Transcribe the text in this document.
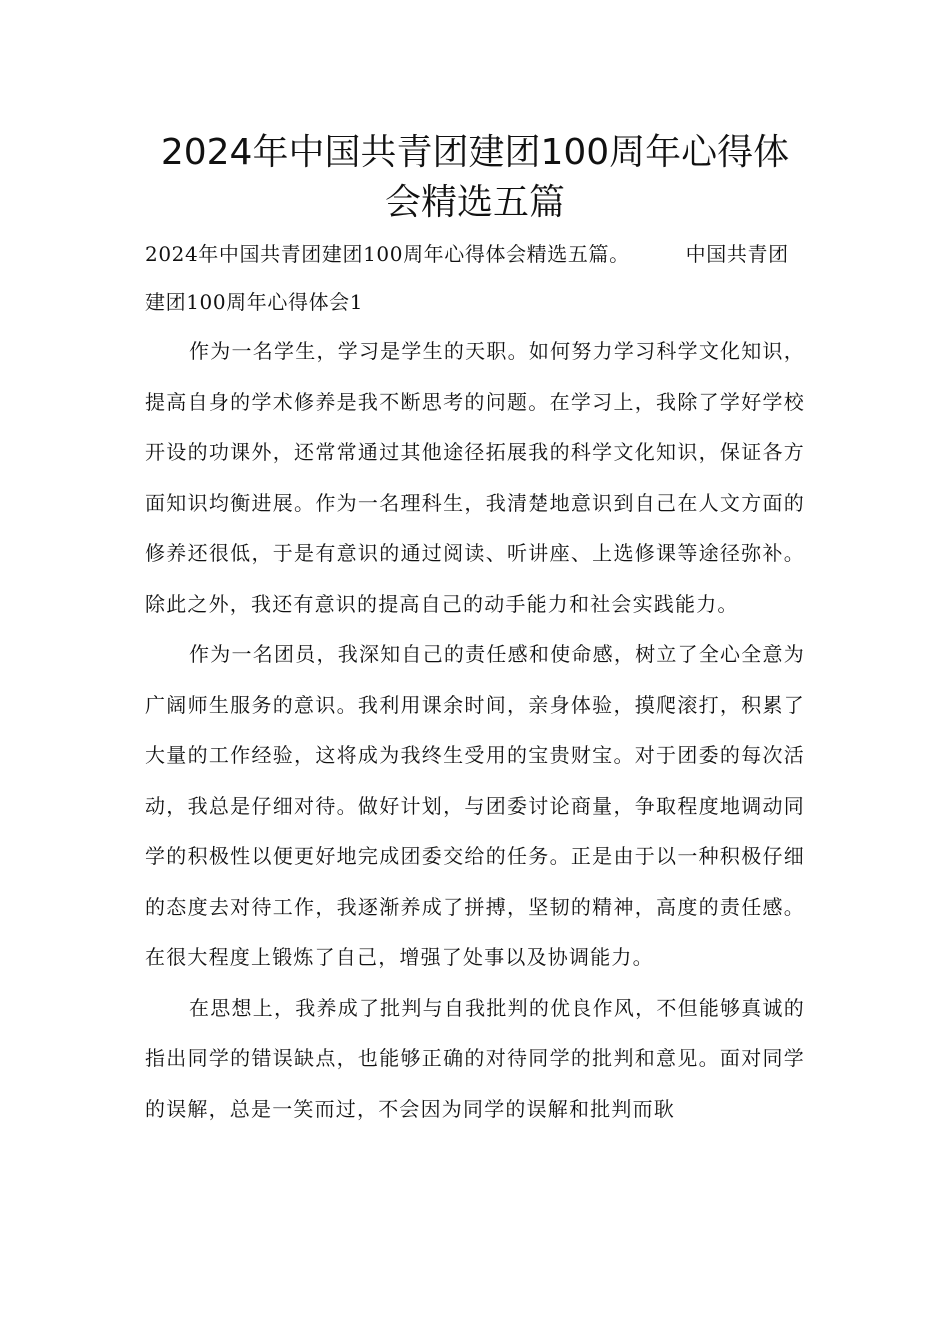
2024年中国共青团建团100周年心得体
会精选五篇
2024年中国共青团建团100周年心得体会精选五篇。	中国共青团建团100周年心得体会1

作为一名学生，学习是学生的天职。如何努力学习科学文化知识，提高自身的学术修养是我不断思考的问题。在学习上，我除了学好学校开设的功课外，还常常通过其他途径拓展我的科学文化知识，保证各方面知识均衡进展。作为一名理科生，我清楚地意识到自己在人文方面的修养还很低，于是有意识的通过阅读、听讲座、上选修课等途径弥补。除此之外，我还有意识的提高自己的动手能力和社会实践能力。

作为一名团员，我深知自己的责任感和使命感，树立了全心全意为广阔师生服务的意识。我利用课余时间，亲身体验，摸爬滚打，积累了大量的工作经验，这将成为我终生受用的宝贵财宝。对于团委的每次活动，我总是仔细对待。做好计划，与团委讨论商量，争取程度地调动同学的积极性以便更好地完成团委交给的任务。正是由于以一种积极仔细的态度去对待工作，我逐渐养成了拼搏，坚韧的精神，高度的责任感。在很大程度上锻炼了自己，增强了处事以及协调能力。

在思想上，我养成了批判与自我批判的优良作风，不但能够真诚的指出同学的错误缺点，也能够正确的对待同学的批判和意见。面对同学的误解，总是一笑而过，不会因为同学的误解和批判而耿
